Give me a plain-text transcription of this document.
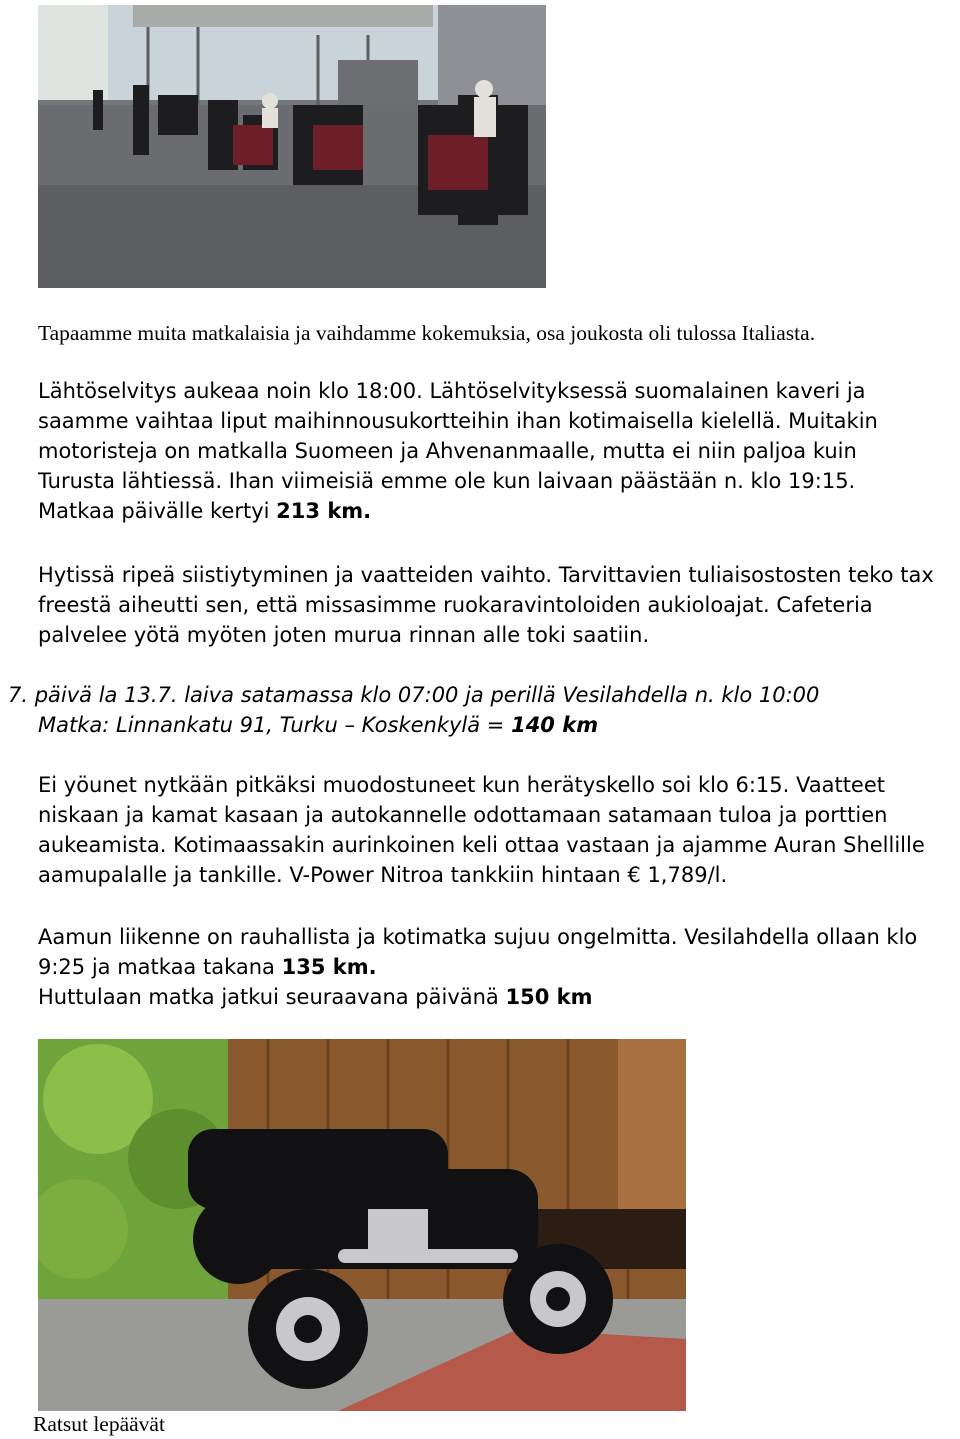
Tapaamme muita matkalaisia ja vaihdamme kokemuksia, osa joukosta oli tulossa Italiasta.

Lähtöselvitys aukeaa noin klo 18:00. Lähtöselvityksessä suomalainen kaveri ja
saamme vaihtaa liput maihinnousukortteihin ihan kotimaisella kielellä. Muitakin
motoristeja on matkalla Suomeen ja Ahvenanmaalle, mutta ei niin paljoa kuin
Turusta lähtiessä. Ihan viimeisiä emme ole kun laivaan päästään n. klo 19:15.
Matkaa päivälle kertyi 213 km.
Hytissä ripeä siistiytyminen ja vaatteiden vaihto. Tarvittavien tuliaisostosten teko tax
freestä aiheutti sen, että missasimme ruokaravintoloiden aukioloajat. Cafeteria
palvelee yötä myöten joten murua rinnan alle toki saatiin.
7. päivä la 13.7. laiva satamassa klo 07:00 ja perillä Vesilahdella n. klo 10:00
Matka: Linnankatu 91, Turku – Koskenkylä = 140 km
Ei yöunet nytkään pitkäksi muodostuneet kun herätyskello soi klo 6:15. Vaatteet
niskaan ja kamat kasaan ja autokannelle odottamaan satamaan tuloa ja porttien
aukeamista. Kotimaassakin aurinkoinen keli ottaa vastaan ja ajamme Auran Shellille
aamupalalle ja tankille. V-Power Nitroa tankkiin hintaan € 1,789/l.
Aamun liikenne on rauhallista ja kotimatka sujuu ongelmitta. Vesilahdella ollaan klo
9:25 ja matkaa takana 135 km.
Huttulaan matka jatkui seuraavana päivänä 150 km

Ratsut lepäävät
